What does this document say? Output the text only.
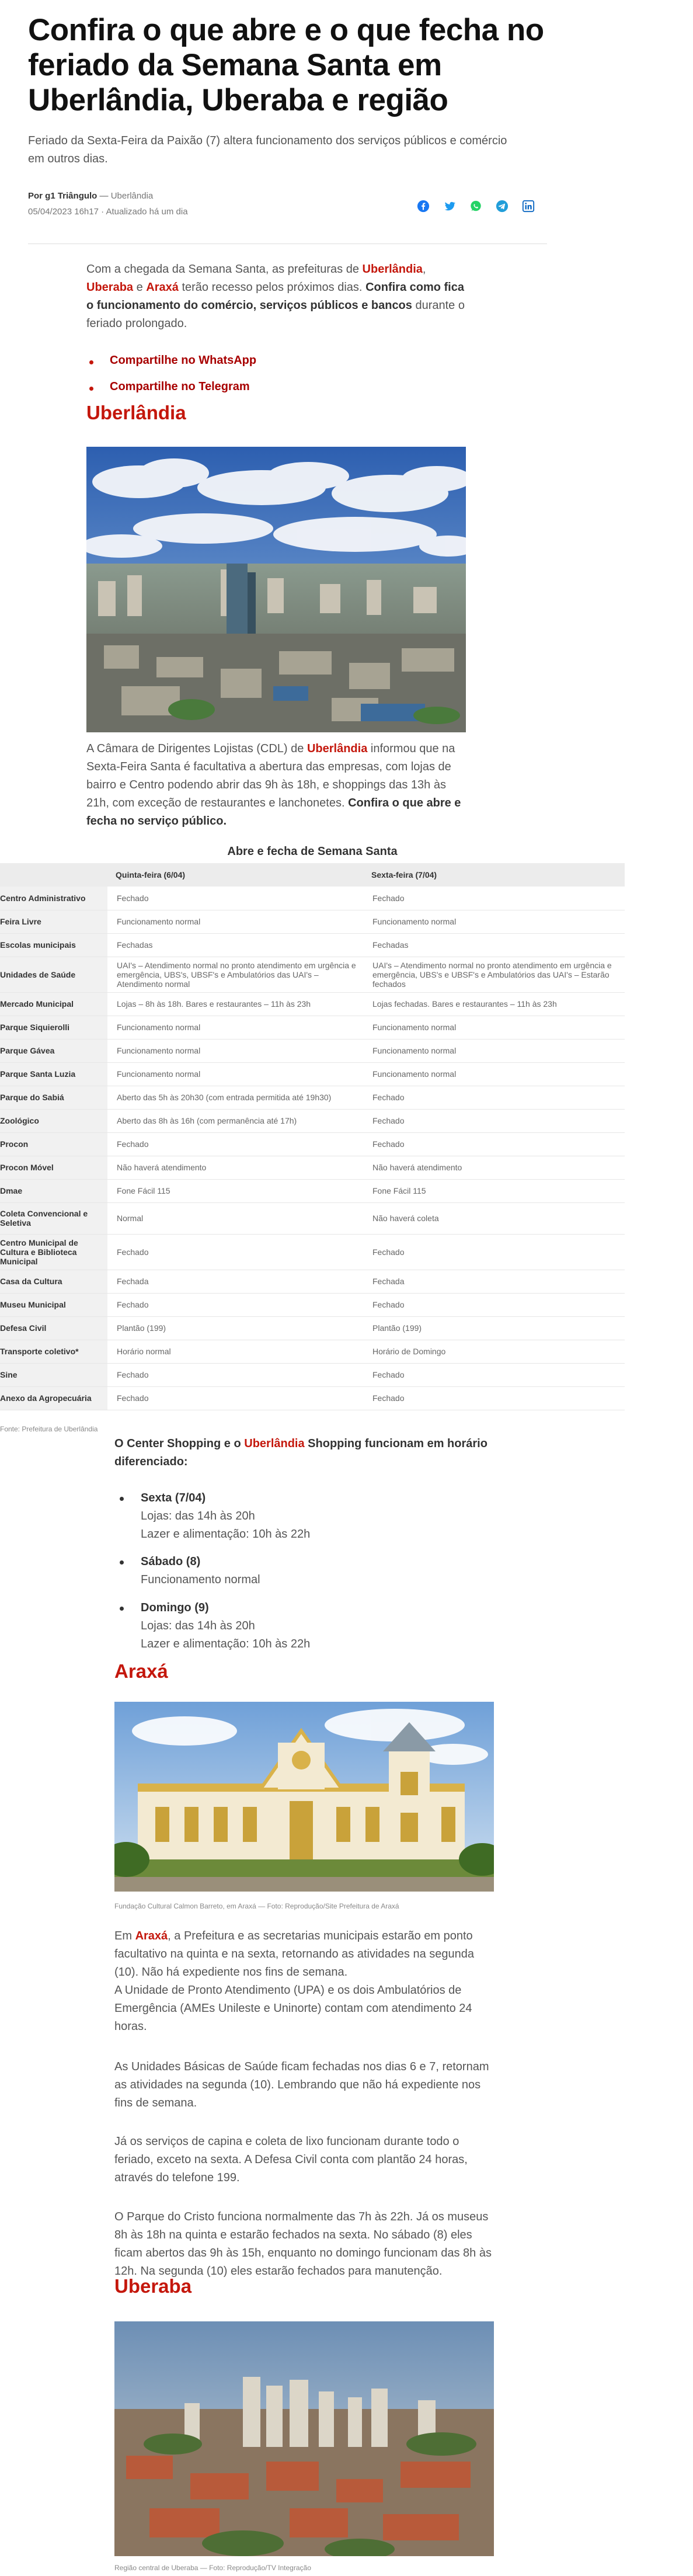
Confira o que abre e o que fecha no feriado da Semana Santa em Uberlândia, Uberaba e região
Feriado da Sexta-Feira da Paixão (7) altera funcionamento dos serviços públicos e comércio em outros dias.
Por g1 Triângulo — Uberlândia
05/04/2023 16h17 · Atualizado há um dia
Com a chegada da Semana Santa, as prefeituras de Uberlândia, Uberaba e Araxá terão recesso pelos próximos dias. Confira como fica o funcionamento do comércio, serviços públicos e bancos durante o feriado prolongado.
Compartilhe no WhatsApp
Compartilhe no Telegram
Uberlândia
A Câmara de Dirigentes Lojistas (CDL) de Uberlândia informou que na Sexta-Feira Santa é facultativa a abertura das empresas, com lojas de bairro e Centro podendo abrir das 9h às 18h, e shoppings das 13h às 21h, com exceção de restaurantes e lanchonetes. Confira o que abre e fecha no serviço público.
Abre e fecha de Semana Santa
	Quinta-feira (6/04)	Sexta-feira (7/04)
Centro Administrativo	Fechado	Fechado
Feira Livre	Funcionamento normal	Funcionamento normal
Escolas municipais	Fechadas	Fechadas
Unidades de Saúde	UAI's – Atendimento normal no pronto atendimento em urgência e emergência, UBS's, UBSF's e Ambulatórios das UAI's – Atendimento normal	UAI's – Atendimento normal no pronto atendimento em urgência e emergência, UBS's e UBSF's e Ambulatórios das UAI's – Estarão fechados
Mercado Municipal	Lojas – 8h às 18h. Bares e restaurantes – 11h às 23h	Lojas fechadas. Bares e restaurantes – 11h às 23h
Parque Siquierolli	Funcionamento normal	Funcionamento normal
Parque Gávea	Funcionamento normal	Funcionamento normal
Parque Santa Luzia	Funcionamento normal	Funcionamento normal
Parque do Sabiá	Aberto das 5h às 20h30 (com entrada permitida até 19h30)	Fechado
Zoológico	Aberto das 8h às 16h (com permanência até 17h)	Fechado
Procon	Fechado	Fechado
Procon Móvel	Não haverá atendimento	Não haverá atendimento
Dmae	Fone Fácil 115	Fone Fácil 115
Coleta Convencional e Seletiva	Normal	Não haverá coleta
Centro Municipal de Cultura e Biblioteca Municipal	Fechado	Fechado
Casa da Cultura	Fechada	Fechada
Museu Municipal	Fechado	Fechado
Defesa Civil	Plantão (199)	Plantão (199)
Transporte coletivo*	Horário normal	Horário de Domingo
Sine	Fechado	Fechado
Anexo da Agropecuária	Fechado	Fechado
Fonte: Prefeitura de Uberlândia
O Center Shopping e o Uberlândia Shopping funcionam em horário diferenciado:
Sexta (7/04)
Lojas: das 14h às 20h
Lazer e alimentação: 10h às 22h
Sábado (8)
Funcionamento normal
Domingo (9)
Lojas: das 14h às 20h
Lazer e alimentação: 10h às 22h
Araxá
Fundação Cultural Calmon Barreto, em Araxá — Foto: Reprodução/Site Prefeitura de Araxá
Em Araxá, a Prefeitura e as secretarias municipais estarão em ponto facultativo na quinta e na sexta, retornando as atividades na segunda (10). Não há expediente nos fins de semana.
A Unidade de Pronto Atendimento (UPA) e os dois Ambulatórios de Emergência (AMEs Unileste e Uninorte) contam com atendimento 24 horas.
As Unidades Básicas de Saúde ficam fechadas nos dias 6 e 7, retornam as atividades na segunda (10). Lembrando que não há expediente nos fins de semana.
Já os serviços de capina e coleta de lixo funcionam durante todo o feriado, exceto na sexta. A Defesa Civil conta com plantão 24 horas, através do telefone 199.
O Parque do Cristo funciona normalmente das 7h às 22h. Já os museus 8h às 18h na quinta e estarão fechados na sexta. No sábado (8) eles ficam abertos das 9h às 15h, enquanto no domingo funcionam das 8h às 12h. Na segunda (10) eles estarão fechados para manutenção.
Uberaba
Região central de Uberaba — Foto: Reprodução/TV Integração
